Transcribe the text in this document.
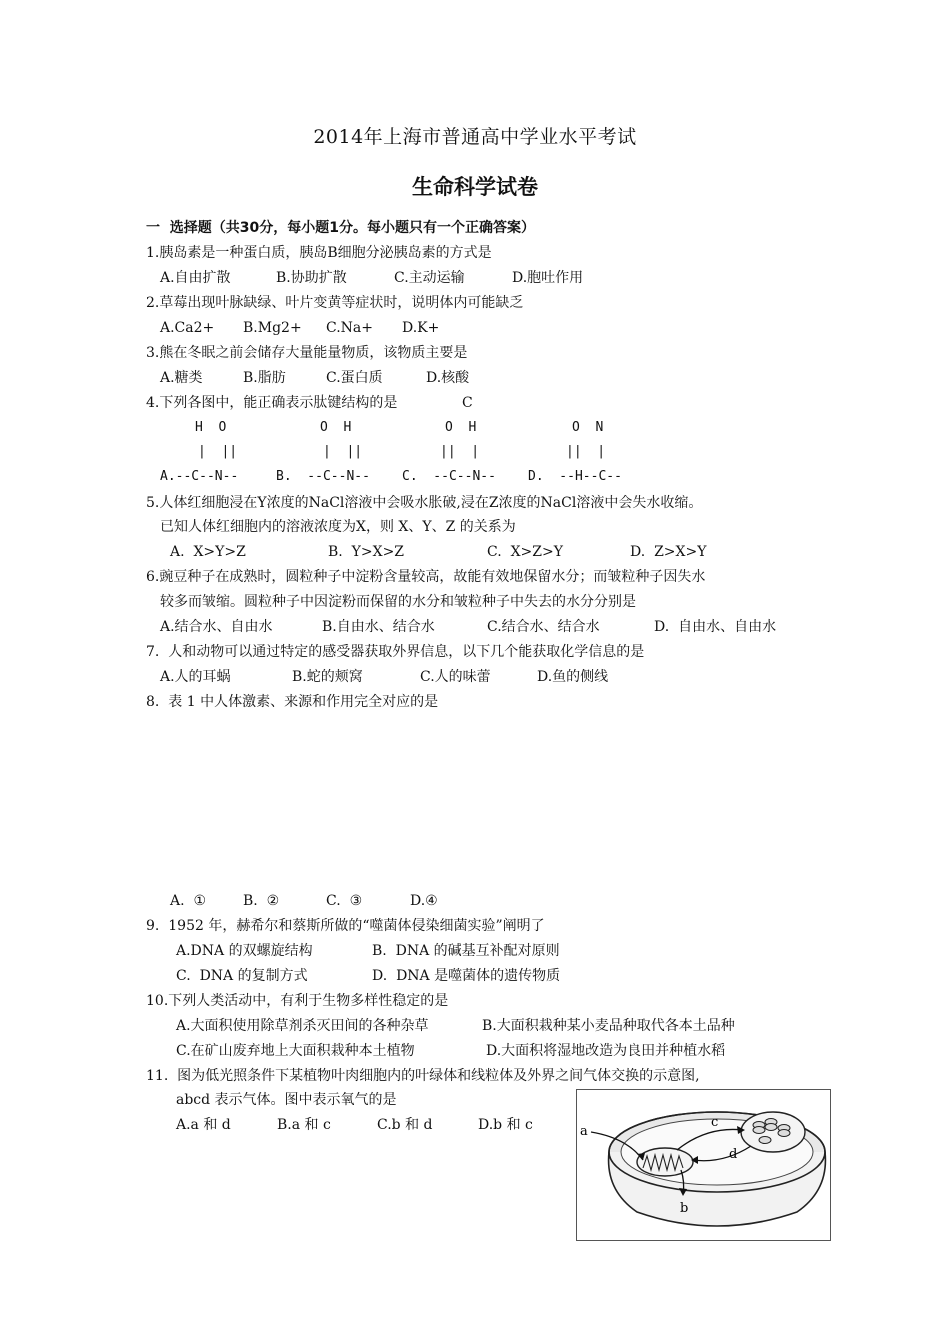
2014年上海市普通高中学业水平考试
生命科学试卷
一  选择题（共30分，每小题1分。每小题只有一个正确答案）
1.胰岛素是一种蛋白质，胰岛B细胞分泌胰岛素的方式是
A.自由扩散	B.协助扩散	C.主动运输	D.胞吐作用
2.草莓出现叶脉缺绿、叶片变黄等症状时，说明体内可能缺乏
A.Ca2+ B.Mg2+ C.Na+ D.K+
3.熊在冬眠之前会储存大量能量物质，该物质主要是
A.糖类	B.脂肪	C.蛋白质	D.核酸
4.下列各图中，能正确表示肽键结构的是	C
H  O	O  H	O  H	O  N
|  ||	|  ||	||  |	||  |
A.--C--N--	B.  --C--N-- C.  --C--N-- D.  --H--C--
5.人体红细胞浸在Y浓度的NaCl溶液中会吸水胀破,浸在Z浓度的NaCl溶液中会失水收缩。
已知人体红细胞内的溶液浓度为X，则 X、Y、Z 的关系为
A.  X>Y>Z	B.  Y>X>Z	C.  X>Z>Y	D.  Z>X>Y
6.豌豆种子在成熟时，圆粒种子中淀粉含量较高，故能有效地保留水分；而皱粒种子因失水
较多而皱缩。圆粒种子中因淀粉而保留的水分和皱粒种子中失去的水分分别是
A.结合水、自由水	B.自由水、结合水	C.结合水、结合水	D.  自由水、自由水
7.  人和动物可以通过特定的感受器获取外界信息，以下几个能获取化学信息的是
A.人的耳蜗	B.蛇的颊窝	C.人的味蕾	D.鱼的侧线
8.  表 1 中人体激素、来源和作用完全对应的是
A.  ①	B.  ②	C.  ③	D.④
9.  1952 年，赫希尔和蔡斯所做的“噬菌体侵染细菌实验”阐明了
A.DNA 的双螺旋结构	B.  DNA 的碱基互补配对原则
C.  DNA 的复制方式	D.  DNA 是噬菌体的遗传物质
10.下列人类活动中，有利于生物多样性稳定的是
A.大面积使用除草剂杀灭田间的各种杂草	B.大面积栽种某小麦品种取代各本土品种
C.在矿山废弃地上大面积栽种本土植物	D.大面积将湿地改造为良田并种植水稻
11.  图为低光照条件下某植物叶肉细胞内的叶绿体和线粒体及外界之间气体交换的示意图,
abcd 表示气体。图中表示氧气的是
A.a 和 d	B.a 和 c	C.b 和 d	D.b 和 c	a
b
c
d
